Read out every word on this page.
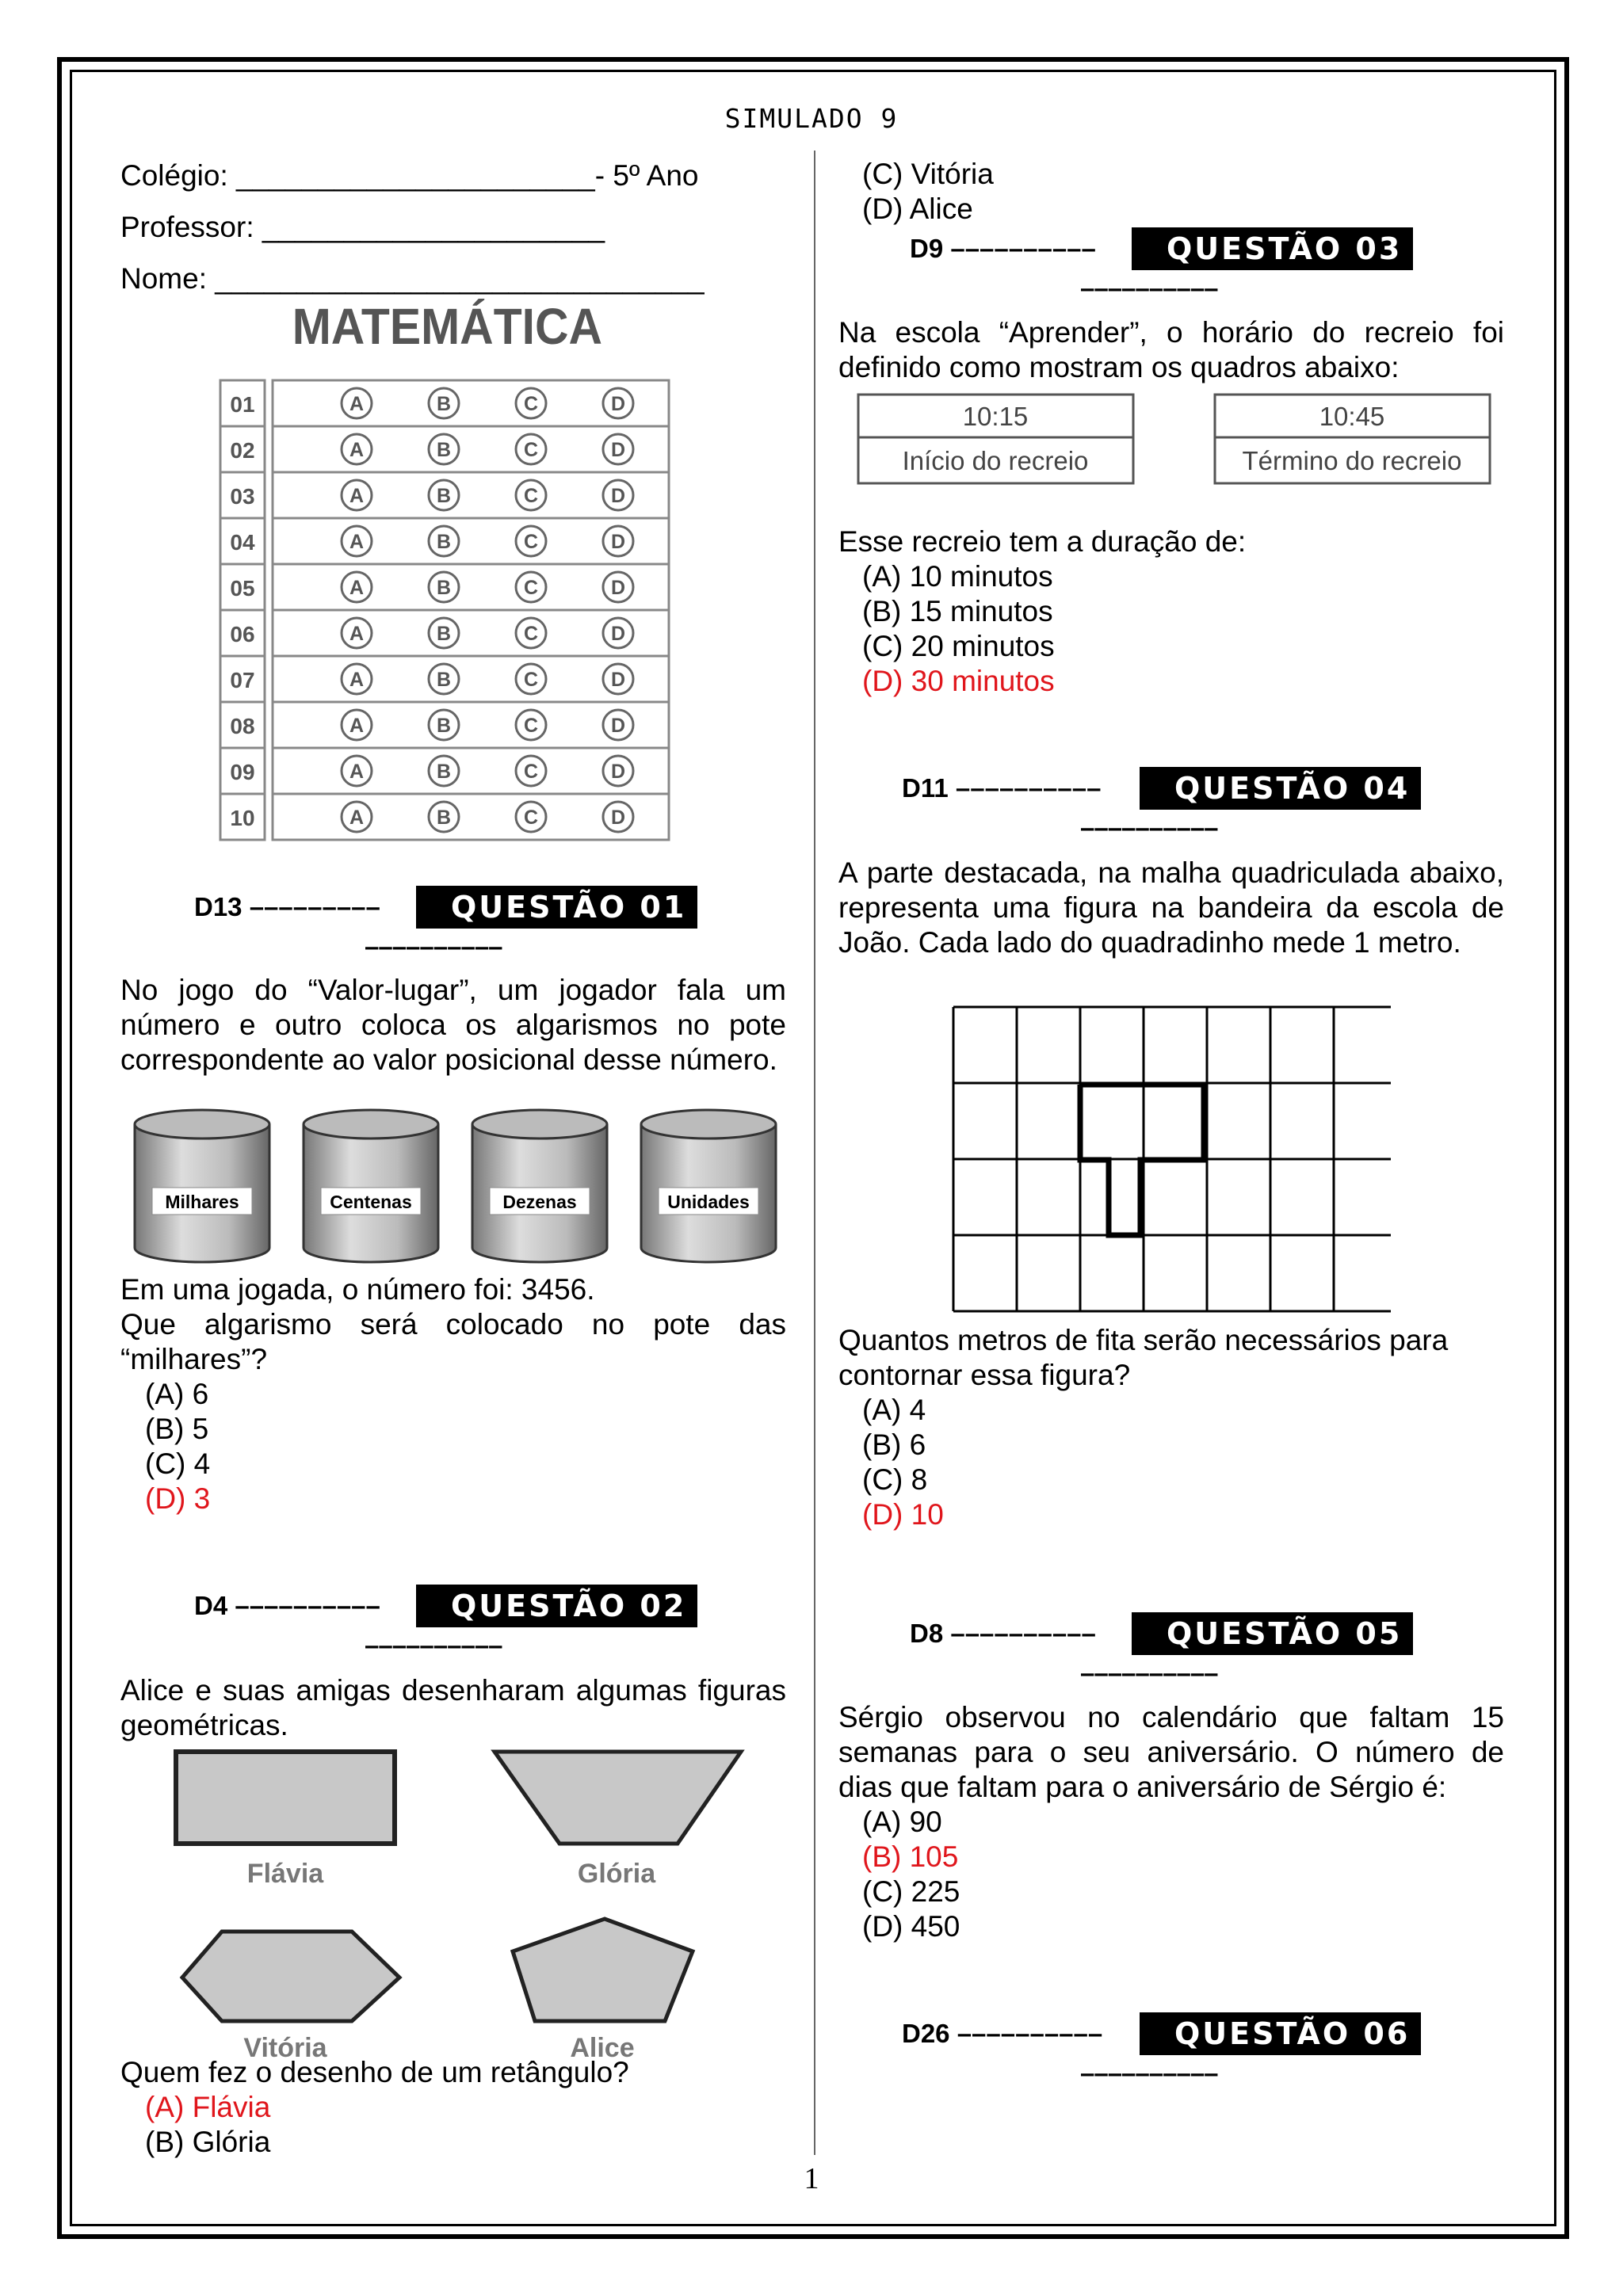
SIMULADO 9
1
Colégio: ______________________- 5º Ano
Professor: _____________________
Nome: ______________________________
MATEMÁTICA
01	A	B	C	D
02	A	B	C	D
03	A	B	C	D
04	A	B	C	D
05	A	B	C	D
06	A	B	C	D
07	A	B	C	D
08	A	B	C	D
09	A	B	C	D
10	A	B	C	D
D13 –––––––––	QUESTÃO 01
––––––––––
No jogo do “Valor-lugar”, um jogador fala um número e outro coloca os algarismos no pote correspondente ao valor posicional desse número.
Milhares	Centenas	Dezenas	Unidades
Em uma jogada, o número foi: 3456.
Que algarismo será colocado no pote das “milhares”?
(A) 6
(B) 5
(C) 4
(D) 3
D4 ––––––––––	QUESTÃO 02
––––––––––
Alice e suas amigas desenharam algumas figuras geométricas.
Flávia	Glória
Vitória	Alice
Quem fez o desenho de um retângulo?
(A) Flávia
(B) Glória
(C) Vitória
(D) Alice
D9 ––––––––––	QUESTÃO 03
––––––––––
Na escola “Aprender”, o horário do recreio foi definido como mostram os quadros abaixo:
10:15
Início do recreio
10:45
Término do recreio
Esse recreio tem a duração de:
(A) 10 minutos
(B) 15 minutos
(C) 20 minutos
(D) 30 minutos
D11 ––––––––––	QUESTÃO 04
––––––––––
A parte destacada, na malha quadriculada abaixo, representa uma figura na bandeira da escola de João. Cada lado do quadradinho mede 1 metro.
Quantos metros de fita serão necessários para contornar essa figura?
(A) 4
(B) 6
(C) 8
(D) 10
D8 ––––––––––	QUESTÃO 05
––––––––––
Sérgio observou no calendário que faltam 15 semanas para o seu aniversário. O número de dias que faltam para o aniversário de Sérgio é:
(A) 90
(B) 105
(C) 225
(D) 450
D26 ––––––––––	QUESTÃO 06
––––––––––
